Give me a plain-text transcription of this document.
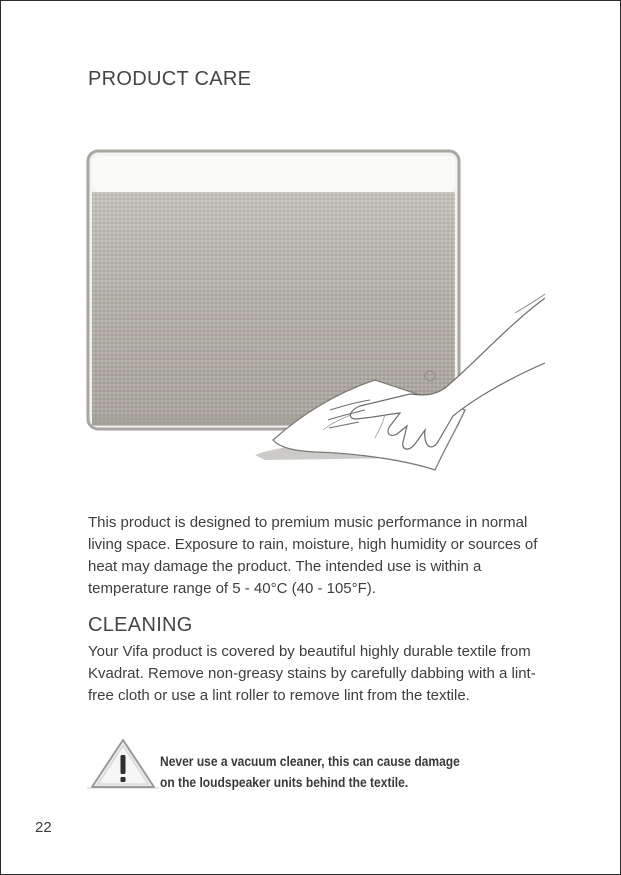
PRODUCT CARE
This product is designed to premium music performance in normal living space. Exposure to rain, moisture, high humidity or sources of heat may damage the product. The intended use is within a temperature range of 5 - 40°C (40 - 105°F).
CLEANING
Your Vifa product is covered by beautiful highly durable textile from Kvadrat. Remove non-greasy stains by carefully dabbing with a lint-free cloth or use a lint roller to remove lint from the textile.
Never use a vacuum cleaner, this can cause damage
on the loudspeaker units behind the textile.
22
